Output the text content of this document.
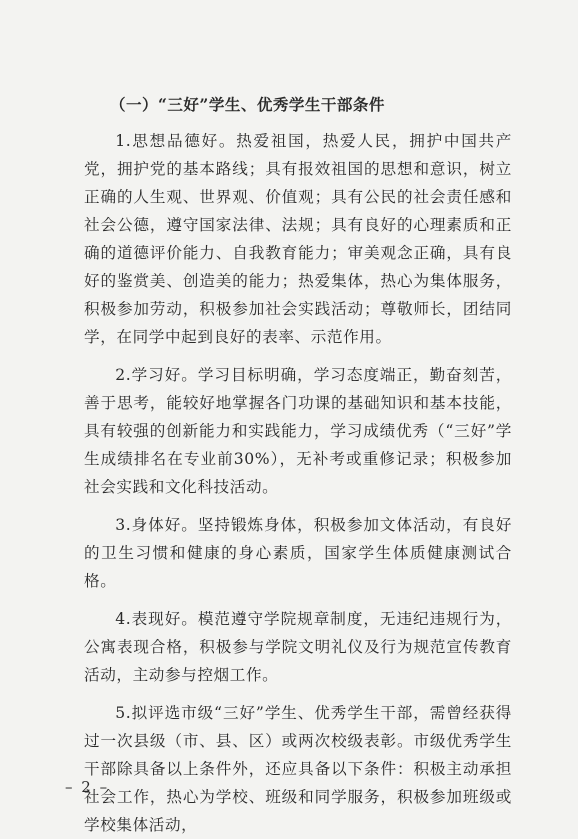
（一）“三好”学生、优秀学生干部条件

1.思想品德好。热爱祖国，热爱人民，拥护中国共产党，拥护党的基本路线；具有报效祖国的思想和意识，树立正确的人生观、世界观、价值观；具有公民的社会责任感和社会公德，遵守国家法律、法规；具有良好的心理素质和正确的道德评价能力、自我教育能力；审美观念正确，具有良好的鉴赏美、创造美的能力；热爱集体，热心为集体服务，积极参加劳动，积极参加社会实践活动；尊敬师长，团结同学，在同学中起到良好的表率、示范作用。

2.学习好。学习目标明确，学习态度端正，勤奋刻苦，善于思考，能较好地掌握各门功课的基础知识和基本技能，具有较强的创新能力和实践能力，学习成绩优秀（“三好”学生成绩排名在专业前30%），无补考或重修记录；积极参加社会实践和文化科技活动。

3.身体好。坚持锻炼身体，积极参加文体活动，有良好的卫生习惯和健康的身心素质，国家学生体质健康测试合格。

4.表现好。模范遵守学院规章制度，无违纪违规行为，公寓表现合格，积极参与学院文明礼仪及行为规范宣传教育活动，主动参与控烟工作。

5.拟评选市级“三好”学生、优秀学生干部，需曾经获得过一次县级（市、县、区）或两次校级表彰。市级优秀学生干部除具备以上条件外，还应具备以下条件：积极主动承担社会工作，热心为学校、班级和同学服务，积极参加班级或学校集体活动，

– 2 –
